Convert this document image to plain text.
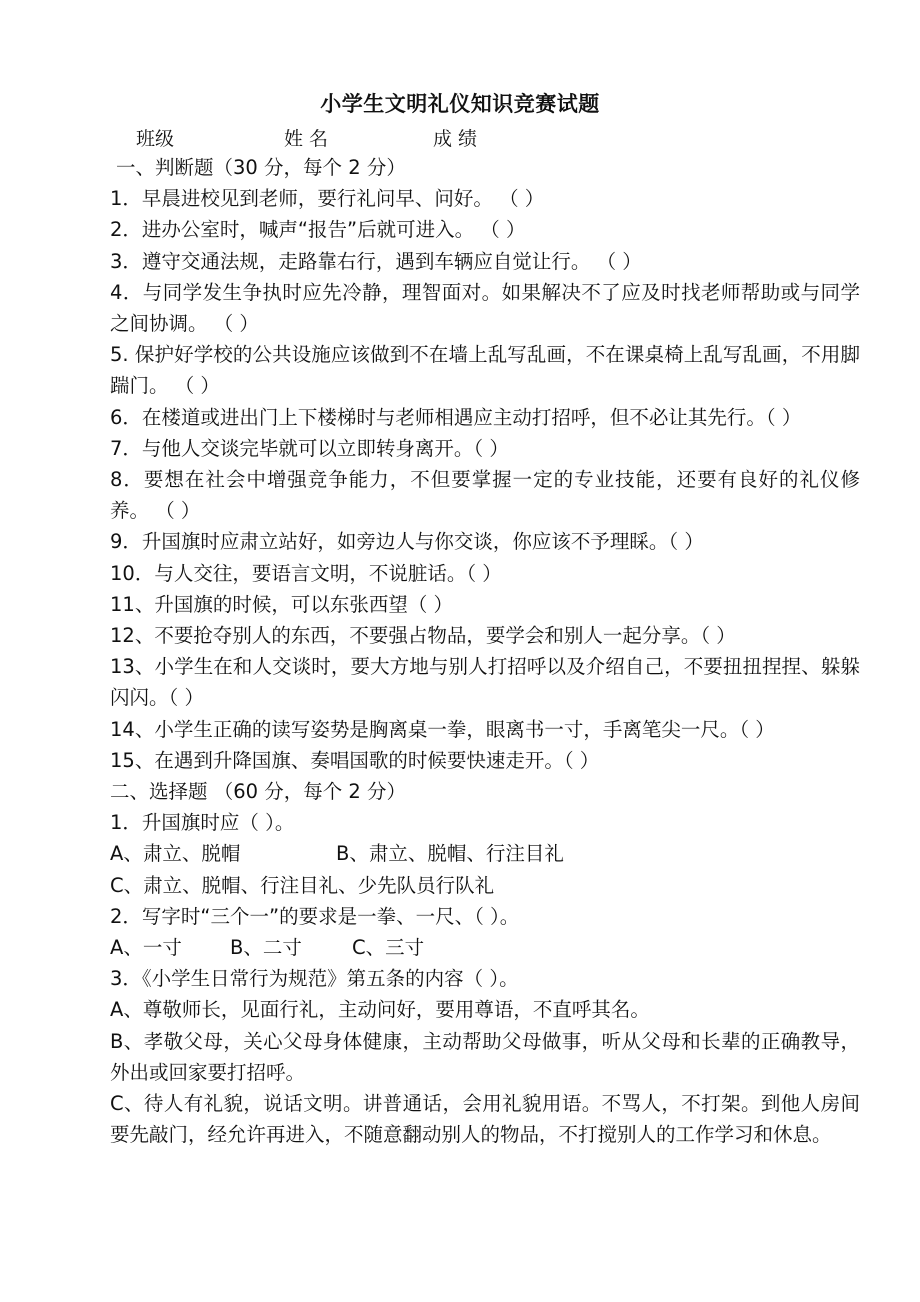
小学生文明礼仪知识竞赛试题
班级	姓 名	成 绩
一、判断题（30 分，每个 2 分）
1．早晨进校见到老师，要行礼问早、问好。 （ ）
2．进办公室时，喊声“报告”后就可进入。 （ ）
3．遵守交通法规，走路靠右行，遇到车辆应自觉让行。 （ ）
4．与同学发生争执时应先冷静，理智面对。如果解决不了应及时找老师帮助或与同学之间协调。 （ ）
5. 保护好学校的公共设施应该做到不在墙上乱写乱画，不在课桌椅上乱写乱画，不用脚踹门。 （ ）
6．在楼道或进出门上下楼梯时与老师相遇应主动打招呼，但不必让其先行。（ ）
7．与他人交谈完毕就可以立即转身离开。（ ）
8．要想在社会中增强竞争能力，不但要掌握一定的专业技能，还要有良好的礼仪修养。 （ ）
9．升国旗时应肃立站好，如旁边人与你交谈，你应该不予理睬。（ ）
10．与人交往，要语言文明，不说脏话。（ ）
11、升国旗的时候，可以东张西望（ ）
12、不要抢夺别人的东西，不要强占物品，要学会和别人一起分享。（ ）
13、小学生在和人交谈时，要大方地与别人打招呼以及介绍自己，不要扭扭捏捏、躲躲闪闪。（ ）
14、小学生正确的读写姿势是胸离桌一拳，眼离书一寸，手离笔尖一尺。（ ）
15、在遇到升降国旗、奏唱国歌的时候要快速走开。（ ）
二、选择题 （60 分，每个 2 分）
1．升国旗时应（ ）。
A、肃立、脱帽	B、肃立、脱帽、行注目礼
C、肃立、脱帽、行注目礼、少先队员行队礼
2．写字时“三个一”的要求是一拳、一尺、（ ）。
A、一寸 B、二寸	C、三寸
3．《小学生日常行为规范》第五条的内容（ ）。
A、尊敬师长，见面行礼，主动问好，要用尊语，不直呼其名。
B、孝敬父母，关心父母身体健康，主动帮助父母做事，听从父母和长辈的正确教导，外出或回家要打招呼。
C、待人有礼貌，说话文明。讲普通话，会用礼貌用语。不骂人，不打架。到他人房间要先敲门，经允许再进入，不随意翻动别人的物品，不打搅别人的工作学习和休息。
